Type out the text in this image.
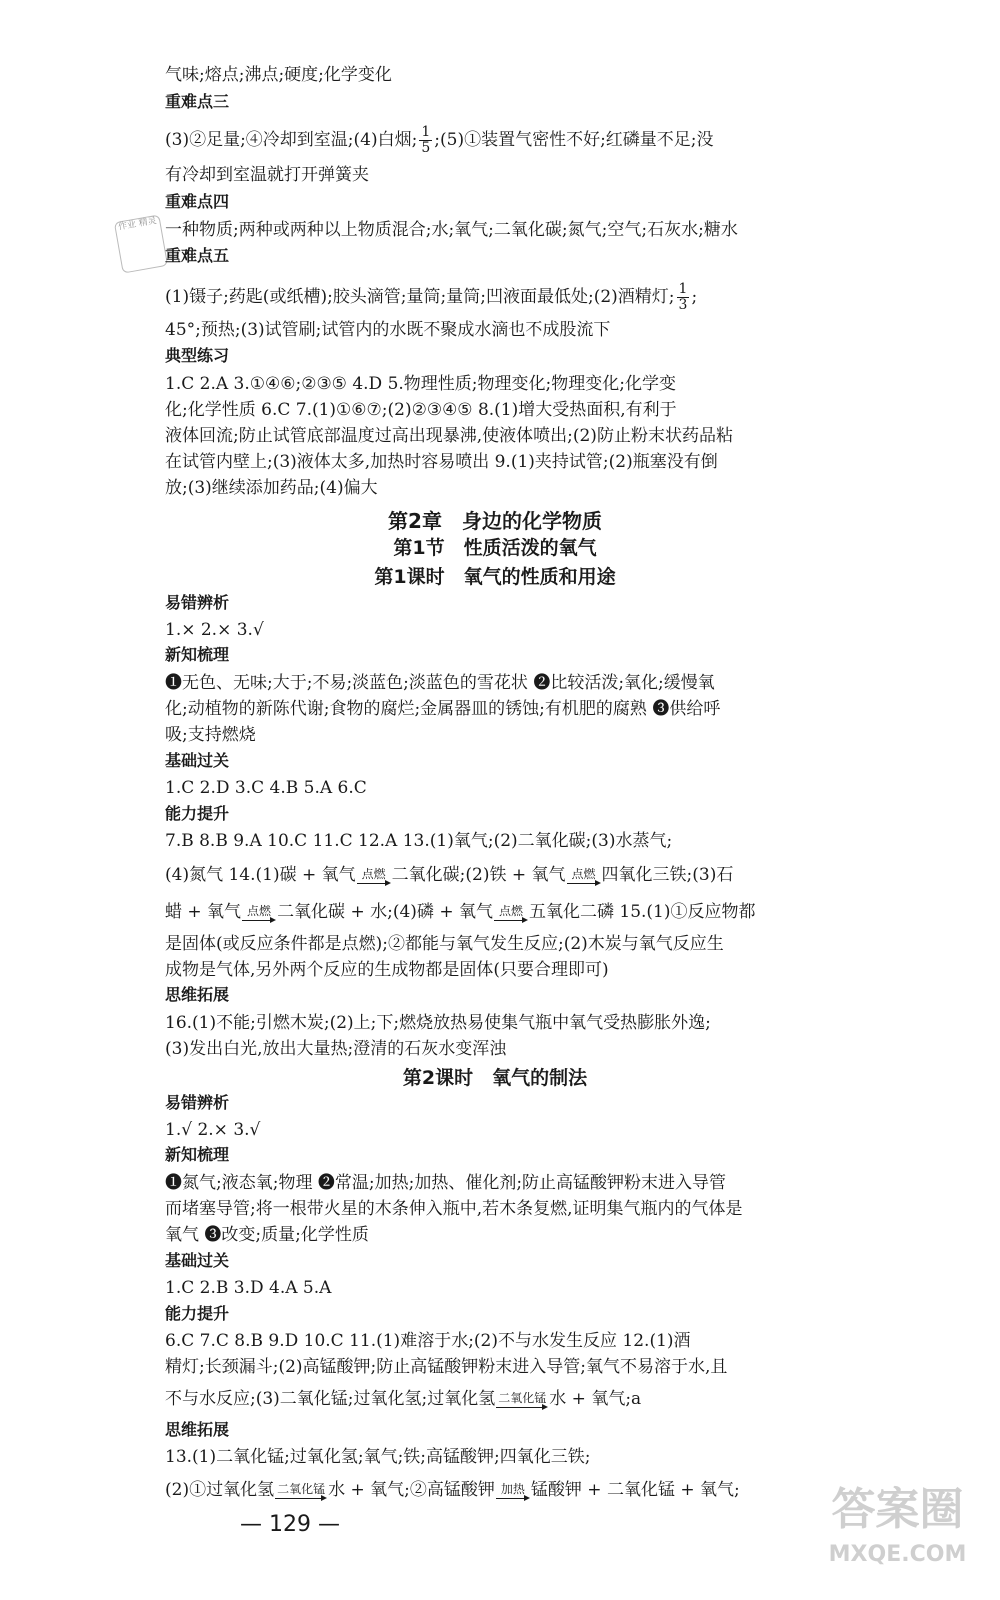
气味;熔点;沸点;硬度;化学变化
重难点三
(3)②足量;④冷却到室温;(4)白烟; $\frac{1}{5}$ ;(5)①装置气密性不好;红磷量不足;没
有冷却到室温就打开弹簧夹
重难点四
作业 精灵 一种物质;两种或两种以上物质混合;水;氧气;二氧化碳;氮气;空气;石灰水;糖水
重难点五
(1)镊子;药匙(或纸槽);胶头滴管;量筒;量筒;凹液面最低处;(2)酒精灯; $\frac{1}{3}$ ;
45°;预热;(3)试管刷;试管内的水既不聚成水滴也不成股流下
典型练习
1.C 2.A 3.①④⑥;②③⑤ 4.D 5.物理性质;物理变化;物理变化;化学变
化;化学性质 6.C 7.(1)①⑥⑦;(2)②③④⑤ 8.(1)增大受热面积,有利于
液体回流;防止试管底部温度过高出现暴沸,使液体喷出;(2)防止粉末状药品粘
在试管内壁上;(3)液体太多,加热时容易喷出 9.(1)夹持试管;(2)瓶塞没有倒
放;(3)继续添加药品;(4)偏大
第2章　身边的化学物质
第1节　性质活泼的氧气
第1课时　氧气的性质和用途
易错辨析
1.× 2.× 3.√
新知梳理
❶无色、无味;大于;不易;淡蓝色;淡蓝色的雪花状 ❷比较活泼;氧化;缓慢氧
化;动植物的新陈代谢;食物的腐烂;金属器皿的锈蚀;有机肥的腐熟 ❸供给呼
吸;支持燃烧
基础过关
1.C 2.D 3.C 4.B 5.A 6.C
能力提升
7.B 8.B 9.A 10.C 11.C 12.A 13.(1)氧气;(2)二氧化碳;(3)水蒸气;
(4)氮气 14.(1)碳 + 氧气 点燃 二氧化碳;(2)铁 + 氧气 点燃 四氧化三铁;(3)石
蜡 + 氧气 点燃 二氧化碳 + 水;(4)磷 + 氧气 点燃 五氧化二磷 15.(1)①反应物都
是固体(或反应条件都是点燃);②都能与氧气发生反应;(2)木炭与氧气反应生
成物是气体,另外两个反应的生成物都是固体(只要合理即可)
思维拓展
16.(1)不能;引燃木炭;(2)上;下;燃烧放热易使集气瓶中氧气受热膨胀外逸;
(3)发出白光,放出大量热;澄清的石灰水变浑浊
第2课时　氧气的制法
易错辨析
1.√ 2.× 3.√
新知梳理
❶氮气;液态氧;物理 ❷常温;加热;加热、催化剂;防止高锰酸钾粉末进入导管
而堵塞导管;将一根带火星的木条伸入瓶中,若木条复燃,证明集气瓶内的气体是
氧气 ❸改变;质量;化学性质
基础过关
1.C 2.B 3.D 4.A 5.A
能力提升
6.C 7.C 8.B 9.D 10.C 11.(1)难溶于水;(2)不与水发生反应 12.(1)酒
精灯;长颈漏斗;(2)高锰酸钾;防止高锰酸钾粉末进入导管;氧气不易溶于水,且
不与水反应;(3)二氧化锰;过氧化氢;过氧化氢 二氧化锰 水 + 氧气;a
思维拓展
13.(1)二氧化锰;过氧化氢;氧气;铁;高锰酸钾;四氧化三铁;
(2)①过氧化氢 二氧化锰 水 + 氧气;②高锰酸钾 加热 锰酸钾 + 二氧化锰 + 氧气;
— 129 —	答案圈
MXQE.COM
